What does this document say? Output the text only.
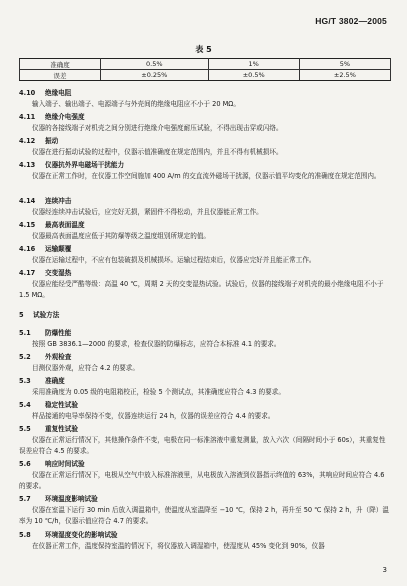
HG/T 3802—2005
表 5
准确度	0.5%	1%	5%
误差	±0.25%	±0.5%	±2.5%
4.10 绝缘电阻
输入端子、输出端子、电源端子与外壳间的绝缘电阻应不小于 20 MΩ。
4.11 绝缘介电强度
仪器的各接线端子对机壳之间分别进行绝缘介电强度耐压试验，不得出现击穿或闪络。
4.12 振动
仪器在进行振动试验的过程中，仪器示值准确度在规定范围内，并且不得有机械损坏。
4.13 仪器抗外界电磁场干扰能力
仪器在正常工作时，在仪器工作空间施加 400 A/m 的交直流外磁场干扰源，仪器示值平均变化的准确度在规定范围内。
4.14 连续冲击
仪器经连续冲击试验后，应完好无损，紧固件不得松动，并且仪器能正常工作。
4.15 最高表面温度
仪器最高表面温度应低于其防爆等级之温度组别所规定的值。
4.16 运输颠覆
仪器在运输过程中，不应有包装破损及机械损坏。运输过程结束后，仪器应完好并且能正常工作。
4.17 交变湿热
仪器应能经受严酷等级：高温 40 ℃，周期 2 天的交变湿热试验。试验后，仪器的接线端子对机壳的最小绝缘电阻不小于 1.5 MΩ。
5 试验方法
5.1 防爆性能
按照 GB 3836.1—2000 的要求，检查仪器的防爆标志，应符合本标准 4.1 的要求。
5.2 外观检查
目测仪器外观，应符合 4.2 的要求。
5.3 准确度
采用准确度为 0.05 级的电阻箱校正，检验 5 个测试点，其准确度应符合 4.3 的要求。
5.4 稳定性试验
样品接通的电导率保持不变，仪器连续运行 24 h，仪器的误差应符合 4.4 的要求。
5.5 重复性试验
仪器在正常运行情况下，其他操作条件不变，电极在同一标准溶液中重复测量，放入六次（间隔时间小于 60s），其重复性误差应符合 4.5 的要求。
5.6 响应时间试验
仪器在正常运行情况下，电极从空气中放入标准溶液里，从电极放入溶液到仪器指示终值的 63%，其响应时间应符合 4.6 的要求。
5.7 环境温度影响试验
仪器在室温下运行 30 min 后放入调温箱中，使温度从室温降至 −10 ℃，保持 2 h，再升至 50 ℃ 保持 2 h，升（降）温率为 10 ℃/h，仪器示值应符合 4.7 的要求。
5.8 环境湿度变化的影响试验
在仪器正常工作，温度保持室温的情况下，将仪器放入调湿箱中，使湿度从 45% 变化到 90%，仪器
3
